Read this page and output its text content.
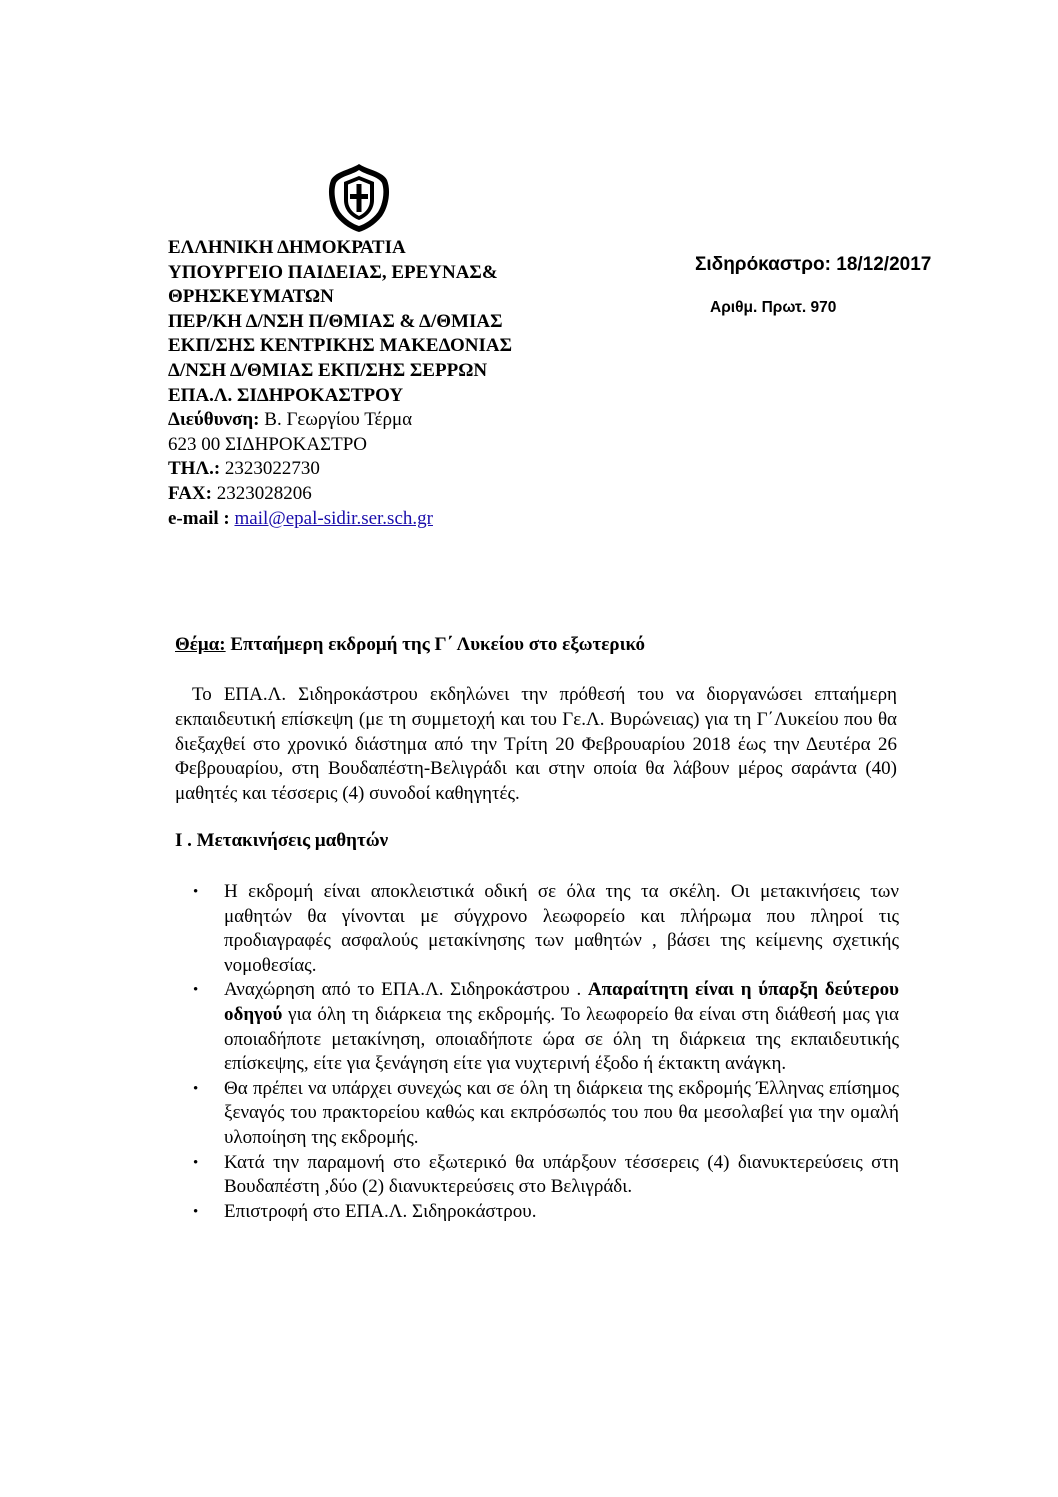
ΕΛΛΗΝΙΚΗ ΔΗΜΟΚΡΑΤΙΑ
ΥΠΟΥΡΓΕΙΟ ΠΑΙΔΕΙΑΣ, ΕΡΕΥΝΑΣ&
ΘΡΗΣΚΕΥΜΑΤΩΝ
ΠΕΡ/ΚΗ Δ/ΝΣΗ Π/ΘΜΙΑΣ & Δ/ΘΜΙΑΣ
ΕΚΠ/ΣΗΣ ΚΕΝΤΡΙΚΗΣ ΜΑΚΕΔΟΝΙΑΣ
Δ/ΝΣΗ Δ/ΘΜΙΑΣ ΕΚΠ/ΣΗΣ ΣΕΡΡΩΝ
ΕΠΑ.Λ. ΣΙΔΗΡΟΚΑΣΤΡΟΥ
Διεύθυνση: Β. Γεωργίου Τέρμα
623 00 ΣΙΔΗΡΟΚΑΣΤΡΟ
ΤΗΛ.: 2323022730
FAX: 2323028206
e-mail : mail@epal-sidir.ser.sch.gr
Σιδηρόκαστρο: 18/12/2017
Αριθμ. Πρωτ. 970
Θέμα: Επταήμερη εκδρομή της Γ΄ Λυκείου στο εξωτερικό
Το ΕΠΑ.Λ. Σιδηροκάστρου εκδηλώνει την πρόθεσή του να διοργανώσει επταήμερη εκπαιδευτική επίσκεψη (με τη συμμετοχή και του Γε.Λ. Βυρώνειας) για τη Γ΄Λυκείου που θα διεξαχθεί στο χρονικό διάστημα από την Τρίτη 20 Φεβρουαρίου 2018 έως την Δευτέρα 26 Φεβρουαρίου, στη Βουδαπέστη-Βελιγράδι και στην οποία θα λάβουν μέρος σαράντα (40) μαθητές και τέσσερις (4) συνοδοί καθηγητές.
Ι . Μετακινήσεις μαθητών
• Η εκδρομή είναι αποκλειστικά οδική σε όλα της τα σκέλη. Οι μετακινήσεις των μαθητών θα γίνονται με σύγχρονο λεωφορείο και πλήρωμα που πληροί τις προδιαγραφές ασφαλούς μετακίνησης των μαθητών , βάσει της κείμενης σχετικής νομοθεσίας.
• Αναχώρηση από το ΕΠΑ.Λ. Σιδηροκάστρου . Απαραίτητη είναι η ύπαρξη δεύτερου οδηγού για όλη τη διάρκεια της εκδρομής. Το λεωφορείο θα είναι στη διάθεσή μας για οποιαδήποτε μετακίνηση, οποιαδήποτε ώρα σε όλη τη διάρκεια της εκπαιδευτικής επίσκεψης, είτε για ξενάγηση είτε για νυχτερινή έξοδο ή έκτακτη ανάγκη.
• Θα πρέπει να υπάρχει συνεχώς και σε όλη τη διάρκεια της εκδρομής Έλληνας επίσημος ξεναγός του πρακτορείου καθώς και εκπρόσωπός του που θα μεσολαβεί για την ομαλή υλοποίηση της εκδρομής.
• Κατά την παραμονή στο εξωτερικό θα υπάρξουν τέσσερεις (4) διανυκτερεύσεις στη Βουδαπέστη ,δύο (2) διανυκτερεύσεις στο Βελιγράδι.
• Επιστροφή στο ΕΠΑ.Λ. Σιδηροκάστρου.
